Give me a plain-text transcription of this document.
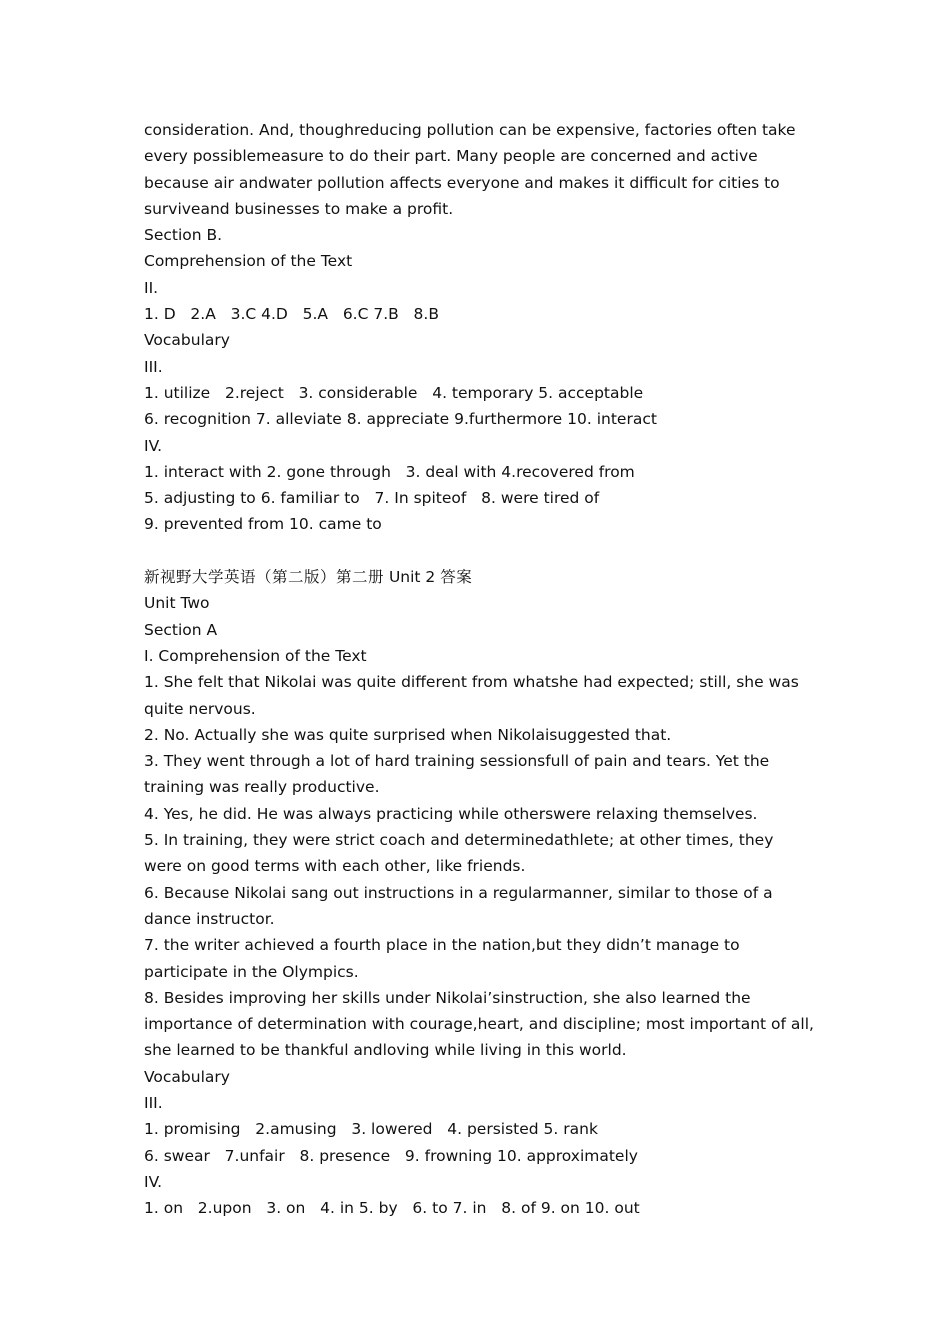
consideration. And, thoughreducing pollution can be expensive, factories often take every possiblemeasure to do their part. Many people are concerned and active because air andwater pollution affects everyone and makes it difficult for cities to surviveand businesses to make a profit.

Section B.

Comprehension of the Text

II.

1. D   2.A   3.C 4.D   5.A   6.C 7.B   8.B

Vocabulary

III.

1. utilize   2.reject   3. considerable   4. temporary 5. acceptable

6. recognition 7. alleviate 8. appreciate 9.furthermore 10. interact

IV.

1. interact with 2. gone through   3. deal with 4.recovered from

5. adjusting to 6. familiar to   7. In spiteof   8. were tired of

9. prevented from 10. came to

新视野大学英语（第二版）第二册 Unit 2 答案

Unit Two

Section A

I. Comprehension of the Text

1. She felt that Nikolai was quite different from whatshe had expected; still, she was quite nervous.

2. No. Actually she was quite surprised when Nikolaisuggested that.

3. They went through a lot of hard training sessionsfull of pain and tears. Yet the training was really productive.

4. Yes, he did. He was always practicing while otherswere relaxing themselves.

5. In training, they were strict coach and determinedathlete; at other times, they were on good terms with each other, like friends.

6. Because Nikolai sang out instructions in a regularmanner, similar to those of a dance instructor.

7. the writer achieved a fourth place in the nation,but they didn’t manage to participate in the Olympics.

8. Besides improving her skills under Nikolai’sinstruction, she also learned the importance of determination with courage,heart, and discipline; most important of all, she learned to be thankful andloving while living in this world.

Vocabulary

III.

1. promising   2.amusing   3. lowered   4. persisted 5. rank

6. swear   7.unfair   8. presence   9. frowning 10. approximately

IV.

1. on   2.upon   3. on   4. in 5. by   6. to 7. in   8. of 9. on 10. out
